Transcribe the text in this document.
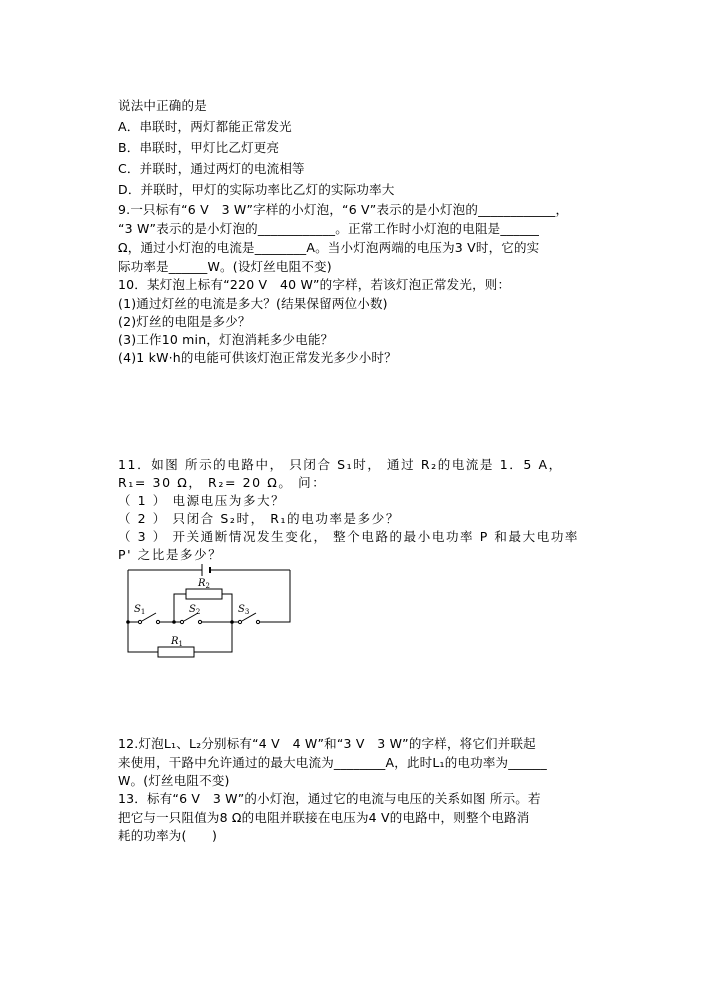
说法中正确的是
A．串联时，两灯都能正常发光
B．串联时，甲灯比乙灯更亮
C．并联时，通过两灯的电流相等
D．并联时，甲灯的实际功率比乙灯的实际功率大
9.一只标有“6 V　3 W”字样的小灯泡，“6 V”表示的是小灯泡的____________，
“3 W”表示的是小灯泡的____________。正常工作时小灯泡的电阻是______
Ω，通过小灯泡的电流是________A。当小灯泡两端的电压为3 V时，它的实
际功率是______W。(设灯丝电阻不变)
10．某灯泡上标有“220 V　40 W”的字样，若该灯泡正常发光，则：
(1)通过灯丝的电流是多大？(结果保留两位小数)
(2)灯丝的电阻是多少？
(3)工作10 min，灯泡消耗多少电能？
(4)1 kW·h的电能可供该灯泡正常发光多少小时？
11．如图 所示的电路中， 只闭合 S₁时， 通过 R₂的电流是 1．5 A，
R₁= 30 Ω， R₂= 20 Ω。 问：
（ 1 ） 电源电压为多大？
（ 2 ） 只闭合 S₂时， R₁的电功率是多少？
（ 3 ） 开关通断情况发生变化， 整个电路的最小电功率 P 和最大电功率
P' 之比是多少？
$R_2$
$R_1$
$S_1$	$S_2$	$S_3$
12.灯泡L₁、L₂分别标有“4 V　4 W”和“3 V　3 W”的字样，将它们并联起
来使用，干路中允许通过的最大电流为________A，此时L₁的电功率为______
W。(灯丝电阻不变)
13．标有“6 V　3 W”的小灯泡，通过它的电流与电压的关系如图 所示。若
把它与一只阻值为8 Ω的电阻并联接在电压为4 V的电路中，则整个电路消
耗的功率为(　　)
